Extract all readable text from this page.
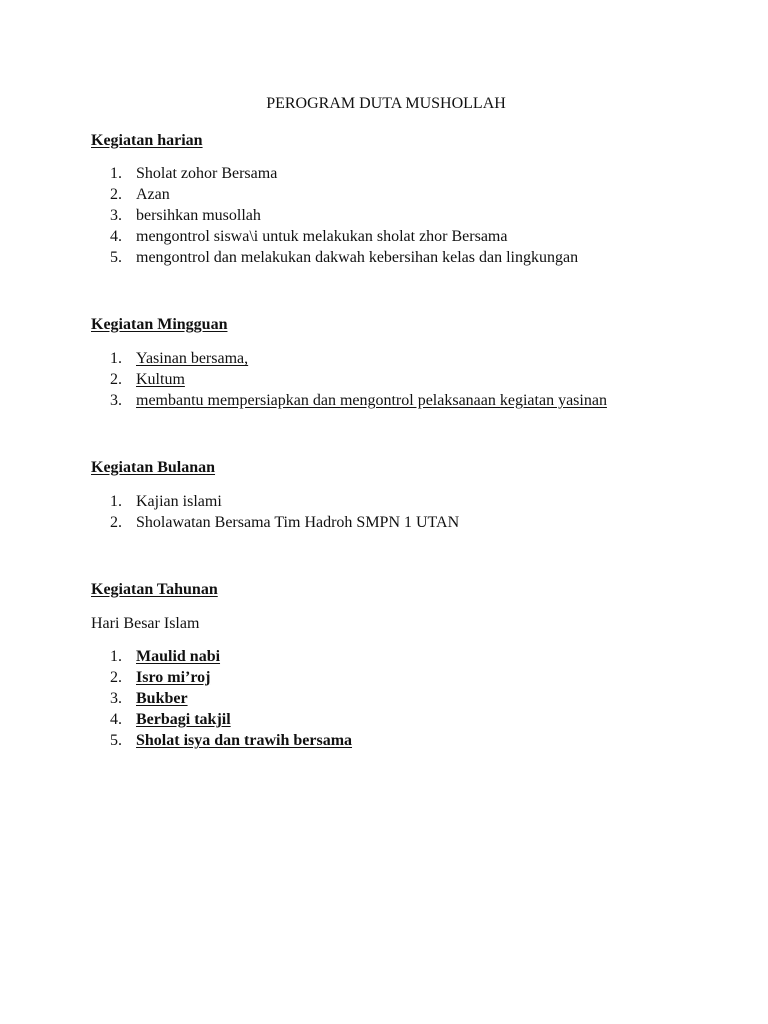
PEROGRAM DUTA MUSHOLLAH
Kegiatan harian
1. Sholat zohor Bersama
2. Azan
3. bersihkan musollah
4. mengontrol siswa\i untuk melakukan sholat zhor Bersama
5. mengontrol dan melakukan dakwah kebersihan kelas dan lingkungan
Kegiatan Mingguan
1. Yasinan bersama,
2. Kultum
3. membantu mempersiapkan dan mengontrol pelaksanaan kegiatan yasinan
Kegiatan Bulanan
1. Kajian islami
2. Sholawatan Bersama Tim Hadroh SMPN 1 UTAN
Kegiatan Tahunan
Hari Besar Islam
1. Maulid nabi
2. Isro mi’roj
3. Bukber
4. Berbagi takjil
5. Sholat isya dan trawih bersama
